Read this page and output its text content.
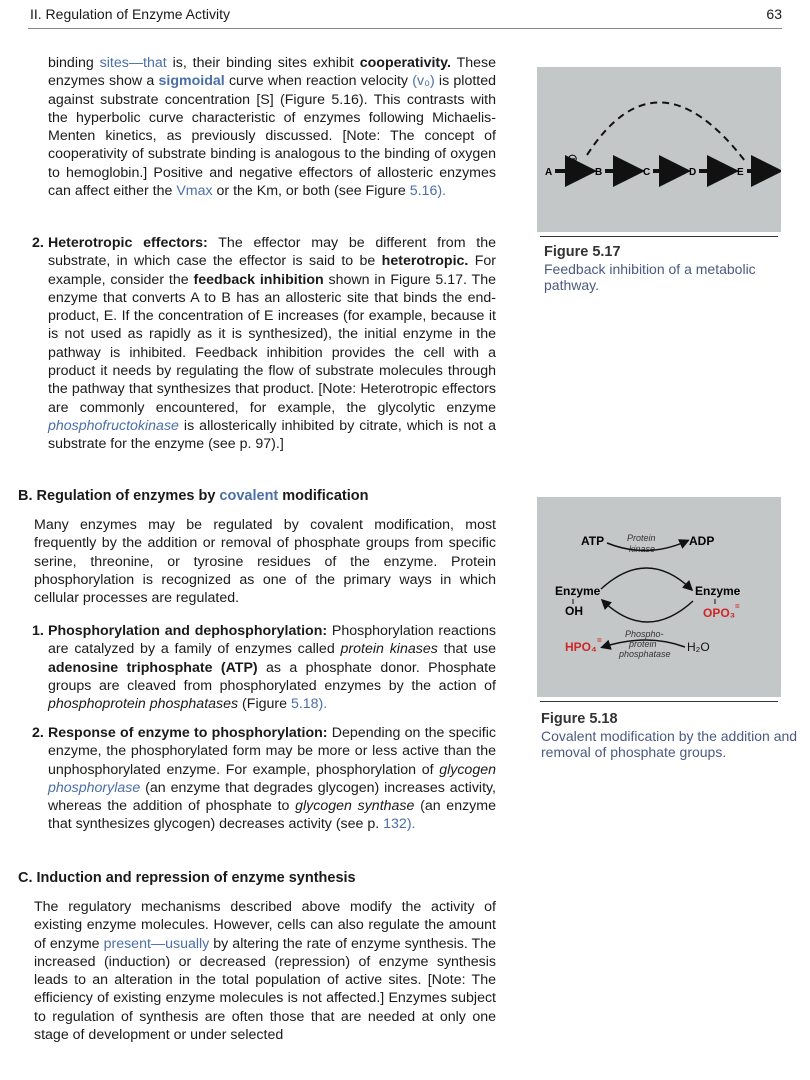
II. Regulation of Enzyme Activity	63

binding sites—that is, their binding sites exhibit cooperativity. These enzymes show a sigmoidal curve when reaction velocity (v₀) is plotted against substrate concentration [S] (Figure 5.16). This contrasts with the hyperbolic curve characteristic of enzymes following Michaelis-Menten kinetics, as previously discussed. [Note: The concept of cooperativity of substrate binding is analogous to the binding of oxygen to hemoglobin.] Positive and negative effectors of allosteric enzymes can affect either the Vmax or the Km, or both (see Figure 5.16).

2. Heterotropic effectors: The effector may be different from the substrate, in which case the effector is said to be heterotropic. For example, consider the feedback inhibition shown in Figure 5.17. The enzyme that converts A to B has an allosteric site that binds the end-product, E. If the concentration of E increases (for example, because it is not used as rapidly as it is synthesized), the initial enzyme in the pathway is inhibited. Feedback inhibition provides the cell with a product it needs by regulating the flow of substrate molecules through the pathway that synthesizes that product. [Note: Heterotropic effectors are commonly encountered, for example, the glycolytic enzyme phosphofructokinase is allosterically inhibited by citrate, which is not a substrate for the enzyme (see p. 97).]

B. Regulation of enzymes by covalent modification

Many enzymes may be regulated by covalent modification, most frequently by the addition or removal of phosphate groups from specific serine, threonine, or tyrosine residues of the enzyme. Protein phosphorylation is recognized as one of the primary ways in which cellular processes are regulated.

1. Phosphorylation and dephosphorylation: Phosphorylation reactions are catalyzed by a family of enzymes called protein kinases that use adenosine triphosphate (ATP) as a phosphate donor. Phosphate groups are cleaved from phosphorylated enzymes by the action of phosphoprotein phosphatases (Figure 5.18).

2. Response of enzyme to phosphorylation: Depending on the specific enzyme, the phosphorylated form may be more or less active than the unphosphorylated enzyme. For example, phosphorylation of glycogen phosphorylase (an enzyme that degrades glycogen) increases activity, whereas the addition of phosphate to glycogen synthase (an enzyme that synthesizes glycogen) decreases activity (see p. 132).

C. Induction and repression of enzyme synthesis

The regulatory mechanisms described above modify the activity of existing enzyme molecules. However, cells can also regulate the amount of enzyme present—usually by altering the rate of enzyme synthesis. The increased (induction) or decreased (repression) of enzyme synthesis leads to an alteration in the total population of active sites. [Note: The efficiency of existing enzyme molecules is not affected.] Enzymes subject to regulation of synthesis are often those that are needed at only one stage of development or under selected

⊖
A	B	C	D	E
Figure 5.17
Feedback inhibition of a metabolic pathway.
ATP	Protein
kinase
ADP
Enzyme
OH
Enzyme
OPO₃ =
Phospho-
protein
phosphatase
HPO₄ =	H₂O
Figure 5.18
Covalent modification by the addition and removal of phosphate groups.
